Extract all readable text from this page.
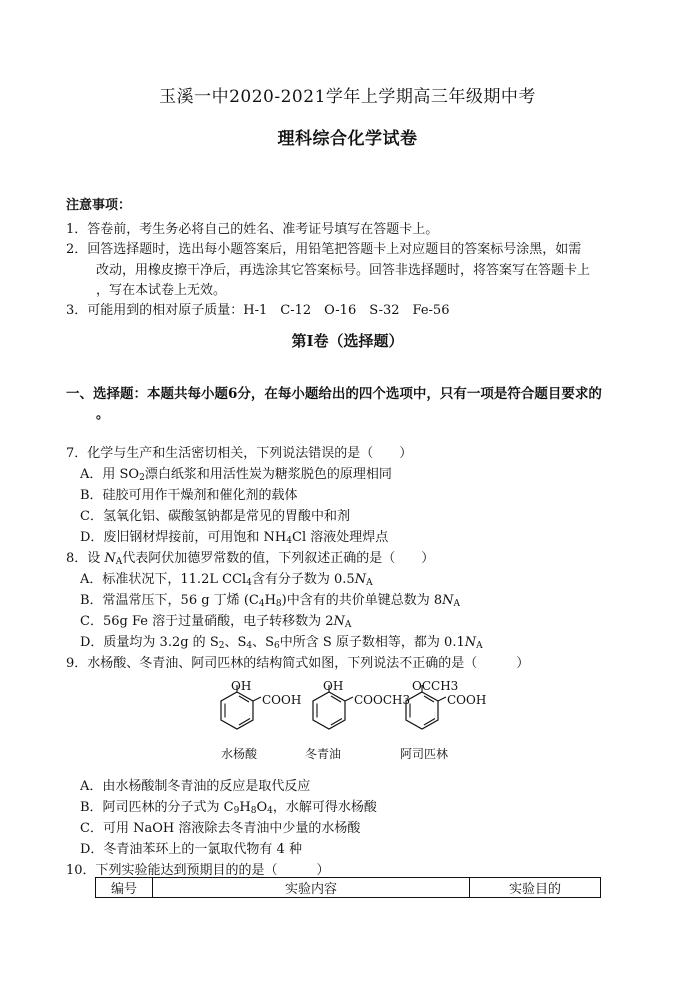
玉溪一中2020-2021学年上学期高三年级期中考
理科综合化学试卷
注意事项：
1．答卷前，考生务必将自己的姓名、准考证号填写在答题卡上。
2．回答选择题时，选出每小题答案后，用铅笔把答题卡上对应题目的答案标号涂黑，如需
改动，用橡皮擦干净后，再选涂其它答案标号。回答非选择题时，将答案写在答题卡上
，写在本试卷上无效。
3．可能用到的相对原子质量：H-1　C-12　O-16　S-32　Fe-56
第Ⅰ卷（选择题）
一、选择题：本题共每小题6分，在每小题给出的四个选项中，只有一项是符合题目要求的
。
7．化学与生产和生活密切相关，下列说法错误的是（　　）
A．用 $SO_2$漂白纸浆和用活性炭为糖浆脱色的原理相同
B．硅胶可用作干燥剂和催化剂的载体
C．氢氧化铝、碳酸氢钠都是常见的胃酸中和剂
D．废旧钢材焊接前，可用饱和 $NH_4Cl$ 溶液处理焊点
8．设 $N_A$代表阿伏加德罗常数的值，下列叙述正确的是（　　）
A．标准状况下，11.2L CCl$_4$含有分子数为 $0.5N_A$
B．常温常压下，56 g 丁烯 $(C_4H_8)$中含有的共价单键总数为 $8N_A$
C．56g Fe 溶于过量硝酸，电子转移数为 $2N_A$
D．质量均为 3.2g 的 $S_2$、$S_4$、$S_6$中所含 S 原子数相等，都为 $0.1N_A$
9．水杨酸、冬青油、阿司匹林的结构简式如图，下列说法不正确的是（　　　）
OH
COOH
水杨酸
OH
COOCH3
冬青油
OCCH3
COOH
阿司匹林
A．由水杨酸制冬青油的反应是取代反应
B．阿司匹林的分子式为 $C_9H_8O_4$，水解可得水杨酸
C．可用 NaOH 溶液除去冬青油中少量的水杨酸
D．冬青油苯环上的一氯取代物有 4 种
10．下列实验能达到预期目的的是（　　　）
编号	实验内容	实验目的
